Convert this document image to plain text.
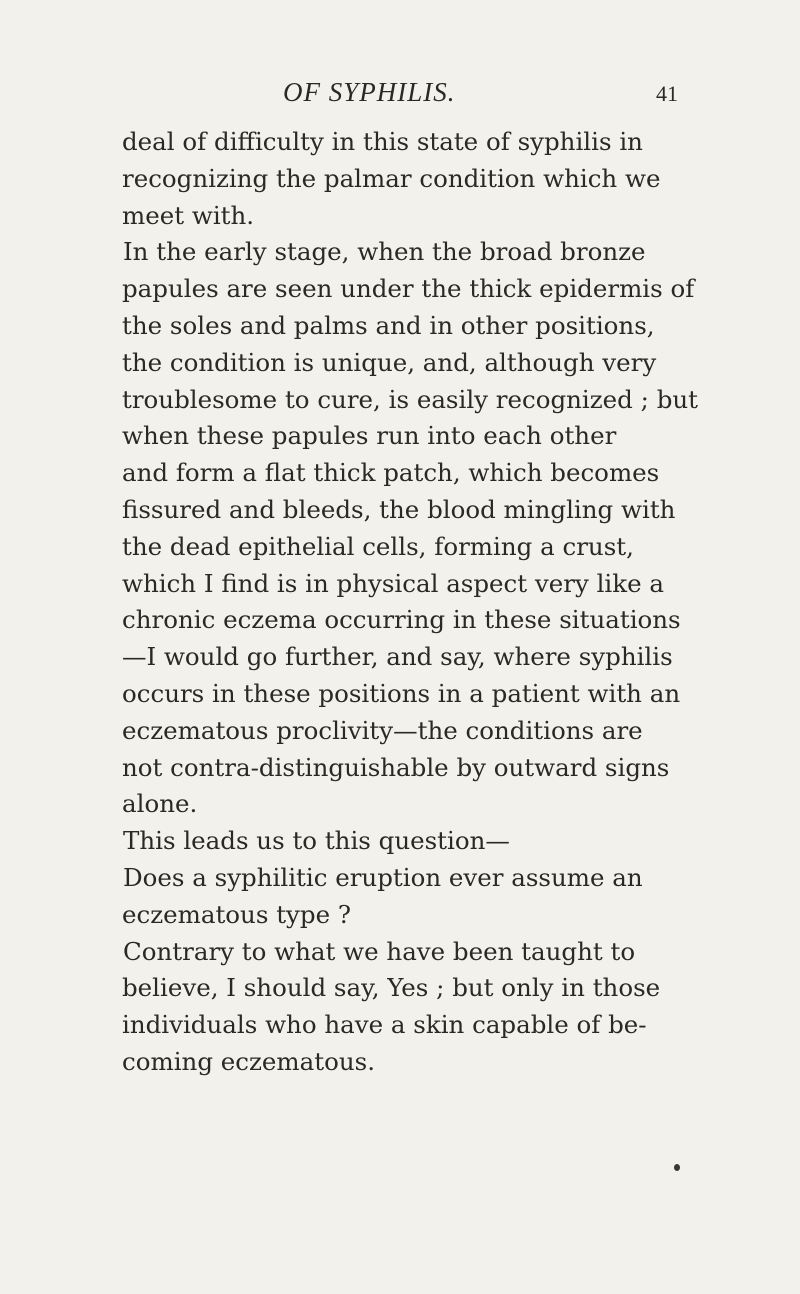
OF SYPHILIS.	41
deal of difficulty in this state of syphilis in
recognizing the palmar condition which we
meet with.
In the early stage, when the broad bronze
papules are seen under the thick epidermis of
the soles and palms and in other positions,
the condition is unique, and, although very
troublesome to cure, is easily recognized ; but
when these papules run into each other
and form a flat thick patch, which becomes
fissured and bleeds, the blood mingling with
the dead epithelial cells, forming a crust,
which I find is in physical aspect very like a
chronic eczema occurring in these situations
—I would go further, and say, where syphilis
occurs in these positions in a patient with an
eczematous proclivity—the conditions are
not contra-distinguishable by outward signs
alone.
This leads us to this question—
Does a syphilitic eruption ever assume an
eczematous type ?
Contrary to what we have been taught to
believe, I should say, Yes ; but only in those
individuals who have a skin capable of be-
coming eczematous.
